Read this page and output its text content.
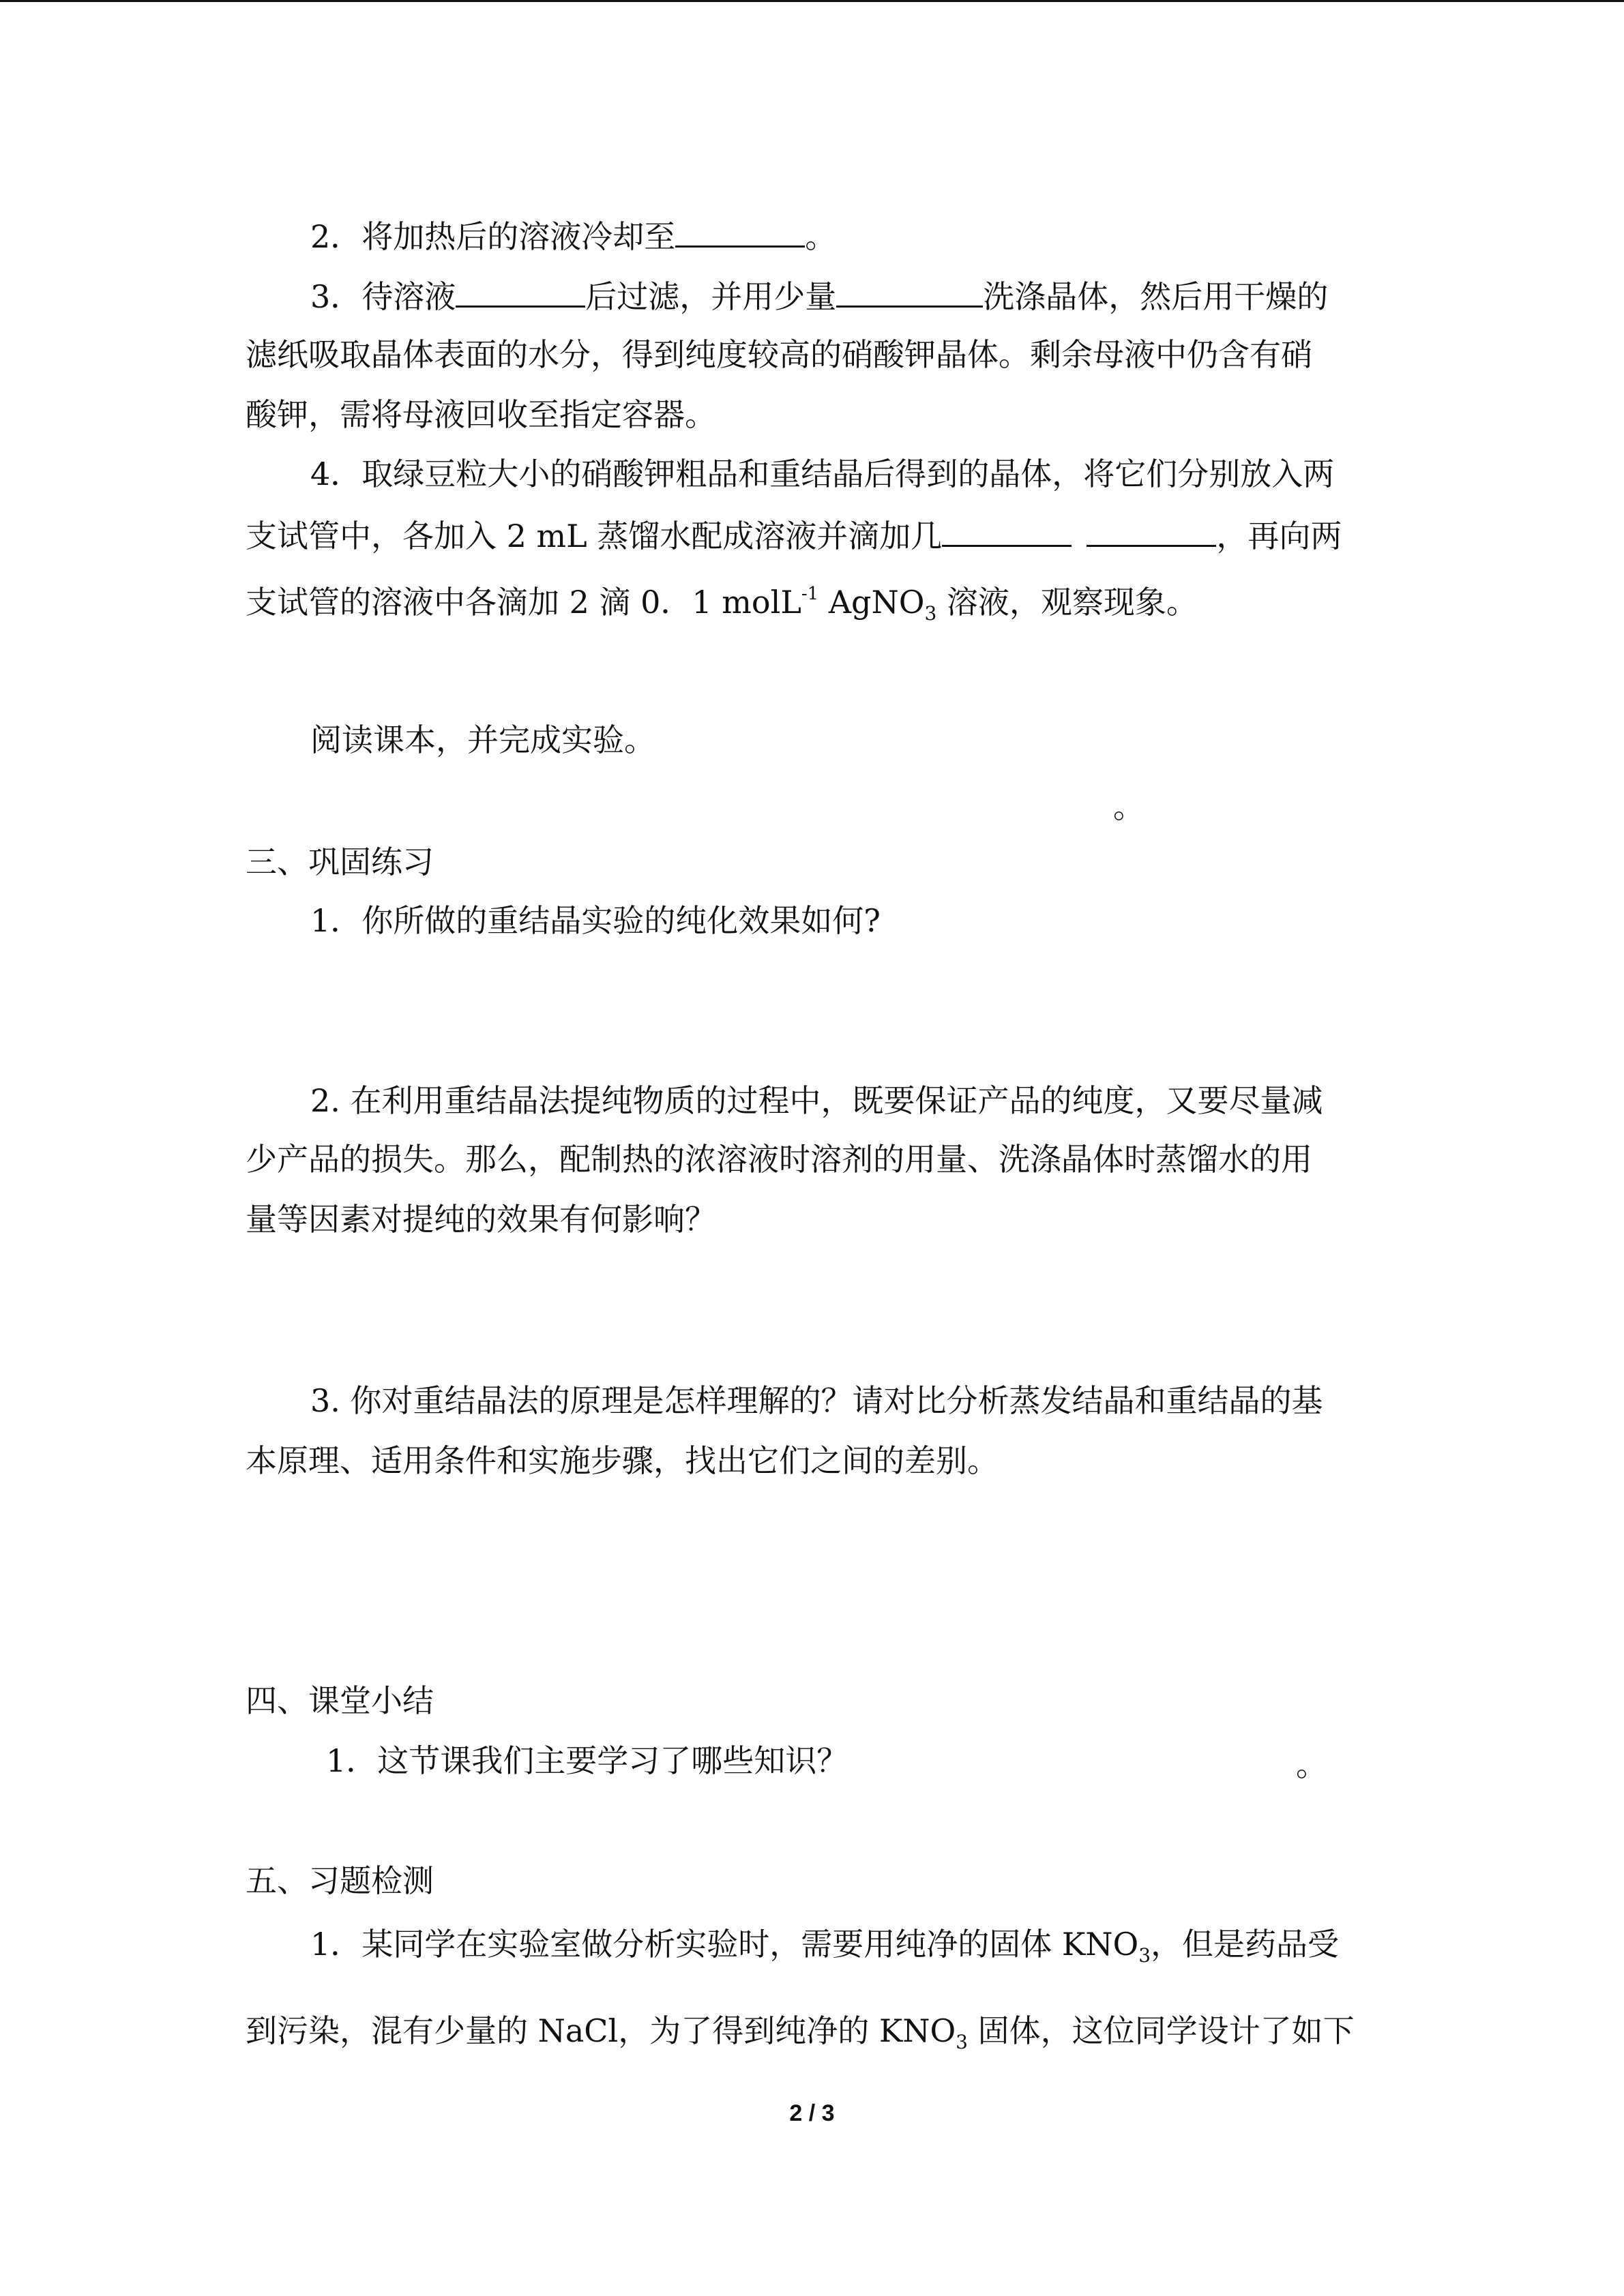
2．将加热后的溶液冷却至	。
3．待溶液	后过滤，并用少量	洗涤晶体，然后用干燥的
滤纸吸取晶体表面的水分，得到纯度较高的硝酸钾晶体。剩余母液中仍含有硝
酸钾，需将母液回收至指定容器。
4．取绿豆粒大小的硝酸钾粗品和重结晶后得到的晶体，将它们分别放入两
支试管中，各加入 2 mL 蒸馏水配成溶液并滴加几	，再向两
支试管的溶液中各滴加 2 滴 0．1 molL$^{-1}$ AgNO$_3$ 溶液，观察现象。
阅读课本，并完成实验。
。
三、巩固练习
1．你所做的重结晶实验的纯化效果如何?
2. 在利用重结晶法提纯物质的过程中，既要保证产品的纯度，又要尽量减
少产品的损失。那么，配制热的浓溶液时溶剂的用量、洗涤晶体时蒸馏水的用
量等因素对提纯的效果有何影响？
3. 你对重结晶法的原理是怎样理解的？请对比分析蒸发结晶和重结晶的基
本原理、适用条件和实施步骤，找出它们之间的差别。
四、课堂小结
1．这节课我们主要学习了哪些知识？	。
五、习题检测
1．某同学在实验室做分析实验时，需要用纯净的固体 $KNO_3$，但是药品受
到污染，混有少量的 NaCl，为了得到纯净的 $KNO_3$ 固体，这位同学设计了如下
2 / 3
